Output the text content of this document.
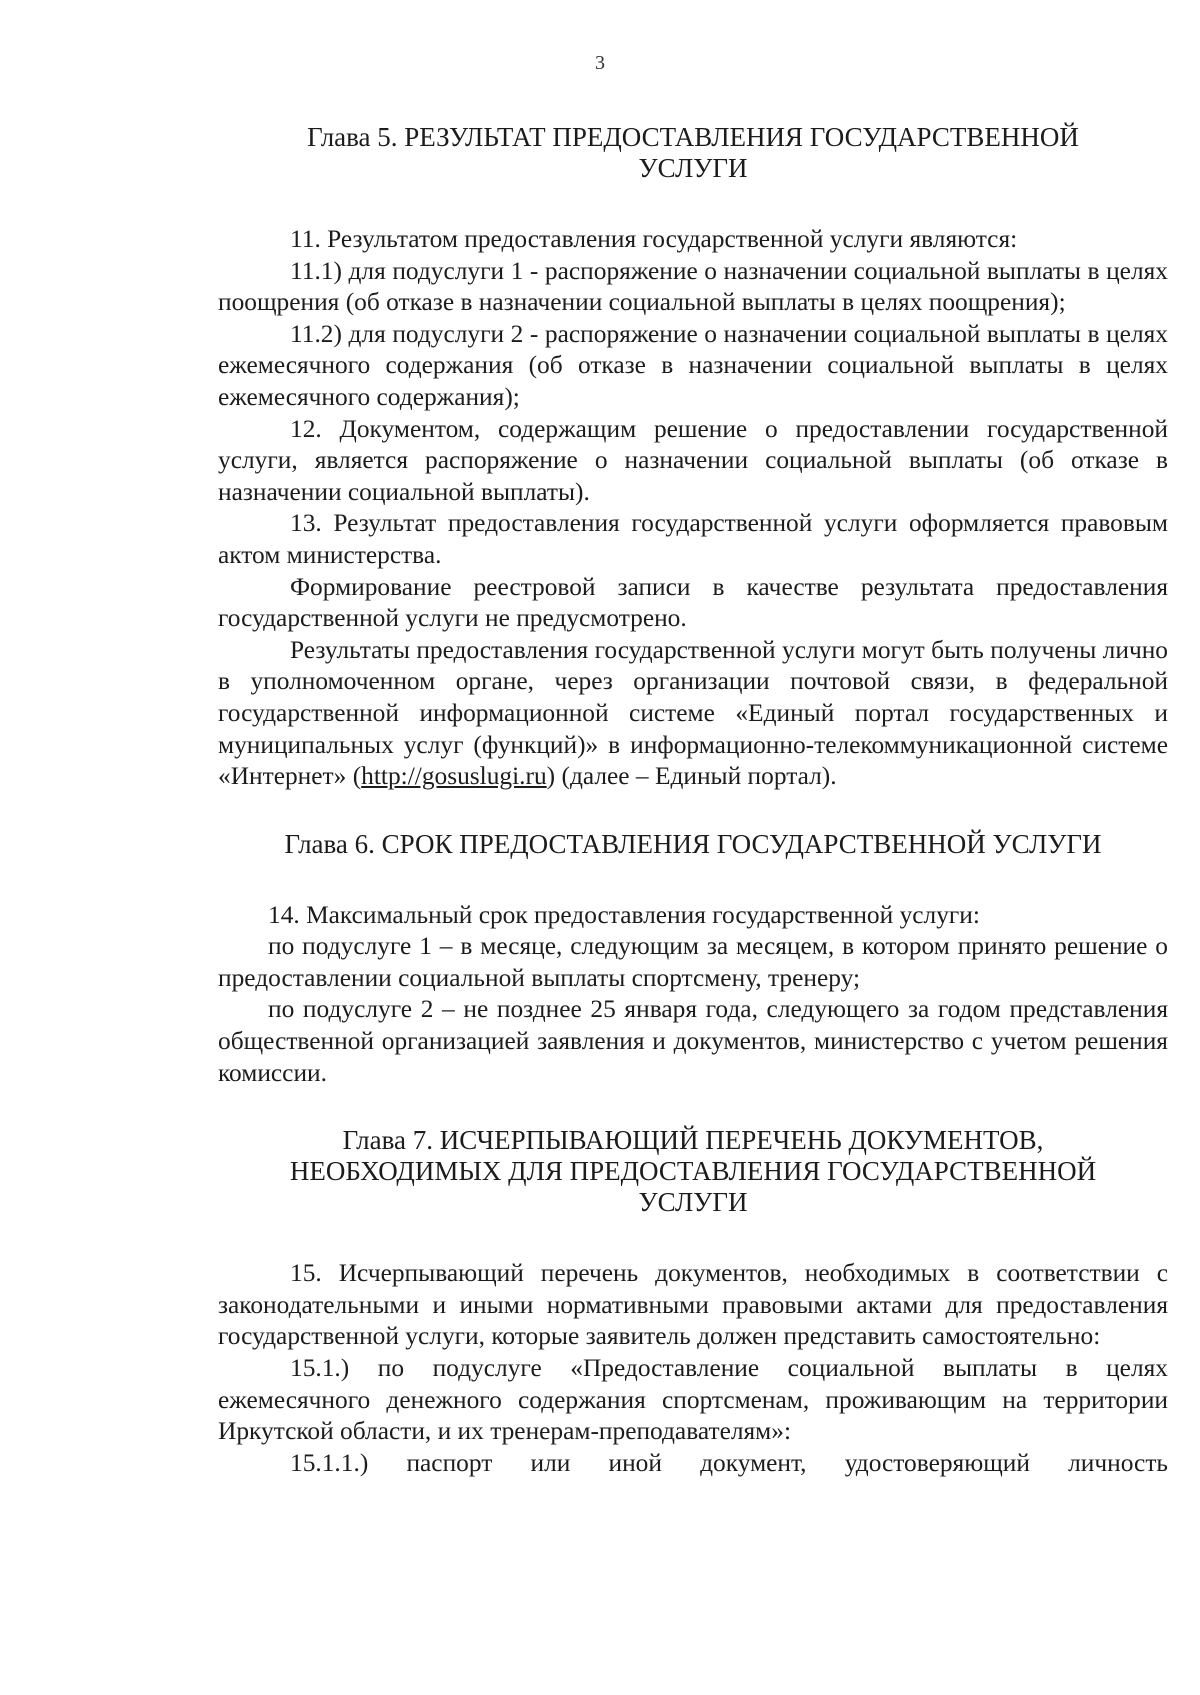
3
Глава 5. РЕЗУЛЬТАТ ПРЕДОСТАВЛЕНИЯ ГОСУДАРСТВЕННОЙ
УСЛУГИ

11. Результатом предоставления государственной услуги являются:

11.1) для подуслуги 1 - распоряжение о назначении социальной выплаты в целях поощрения (об отказе в назначении социальной выплаты в целях поощрения);

11.2) для подуслуги 2 - распоряжение о назначении социальной выплаты в целях ежемесячного содержания (об отказе в назначении социальной выплаты в целях ежемесячного содержания);

12. Документом, содержащим решение о предоставлении государственной услуги, является распоряжение о назначении социальной выплаты (об отказе в назначении социальной выплаты).

13. Результат предоставления государственной услуги оформляется правовым актом министерства.

Формирование реестровой записи в качестве результата предоставления государственной услуги не предусмотрено.

Результаты предоставления государственной услуги могут быть получены лично в уполномоченном органе, через организации почтовой связи, в федеральной государственной информационной системе «Единый портал государственных и муниципальных услуг (функций)» в информационно-телекоммуникационной системе «Интернет» (http://gosuslugi.ru) (далее – Единый портал).

Глава 6. СРОК ПРЕДОСТАВЛЕНИЯ ГОСУДАРСТВЕННОЙ УСЛУГИ

14. Максимальный срок предоставления государственной услуги:

по подуслуге 1 – в месяце, следующим за месяцем, в котором принято решение о предоставлении социальной выплаты спортсмену, тренеру;

по подуслуге 2 – не позднее 25 января года, следующего за годом представления общественной организацией заявления и документов, министерство с учетом решения комиссии.

Глава 7. ИСЧЕРПЫВАЮЩИЙ ПЕРЕЧЕНЬ ДОКУМЕНТОВ,
НЕОБХОДИМЫХ ДЛЯ ПРЕДОСТАВЛЕНИЯ ГОСУДАРСТВЕННОЙ
УСЛУГИ

15. Исчерпывающий перечень документов, необходимых в соответствии с законодательными и иными нормативными правовыми актами для предоставления государственной услуги, которые заявитель должен представить самостоятельно:

15.1.) по подуслуге «Предоставление социальной выплаты в целях ежемесячного денежного содержания спортсменам, проживающим на территории Иркутской области, и их тренерам-преподавателям»:

15.1.1.) паспорт или иной документ, удостоверяющий личность
